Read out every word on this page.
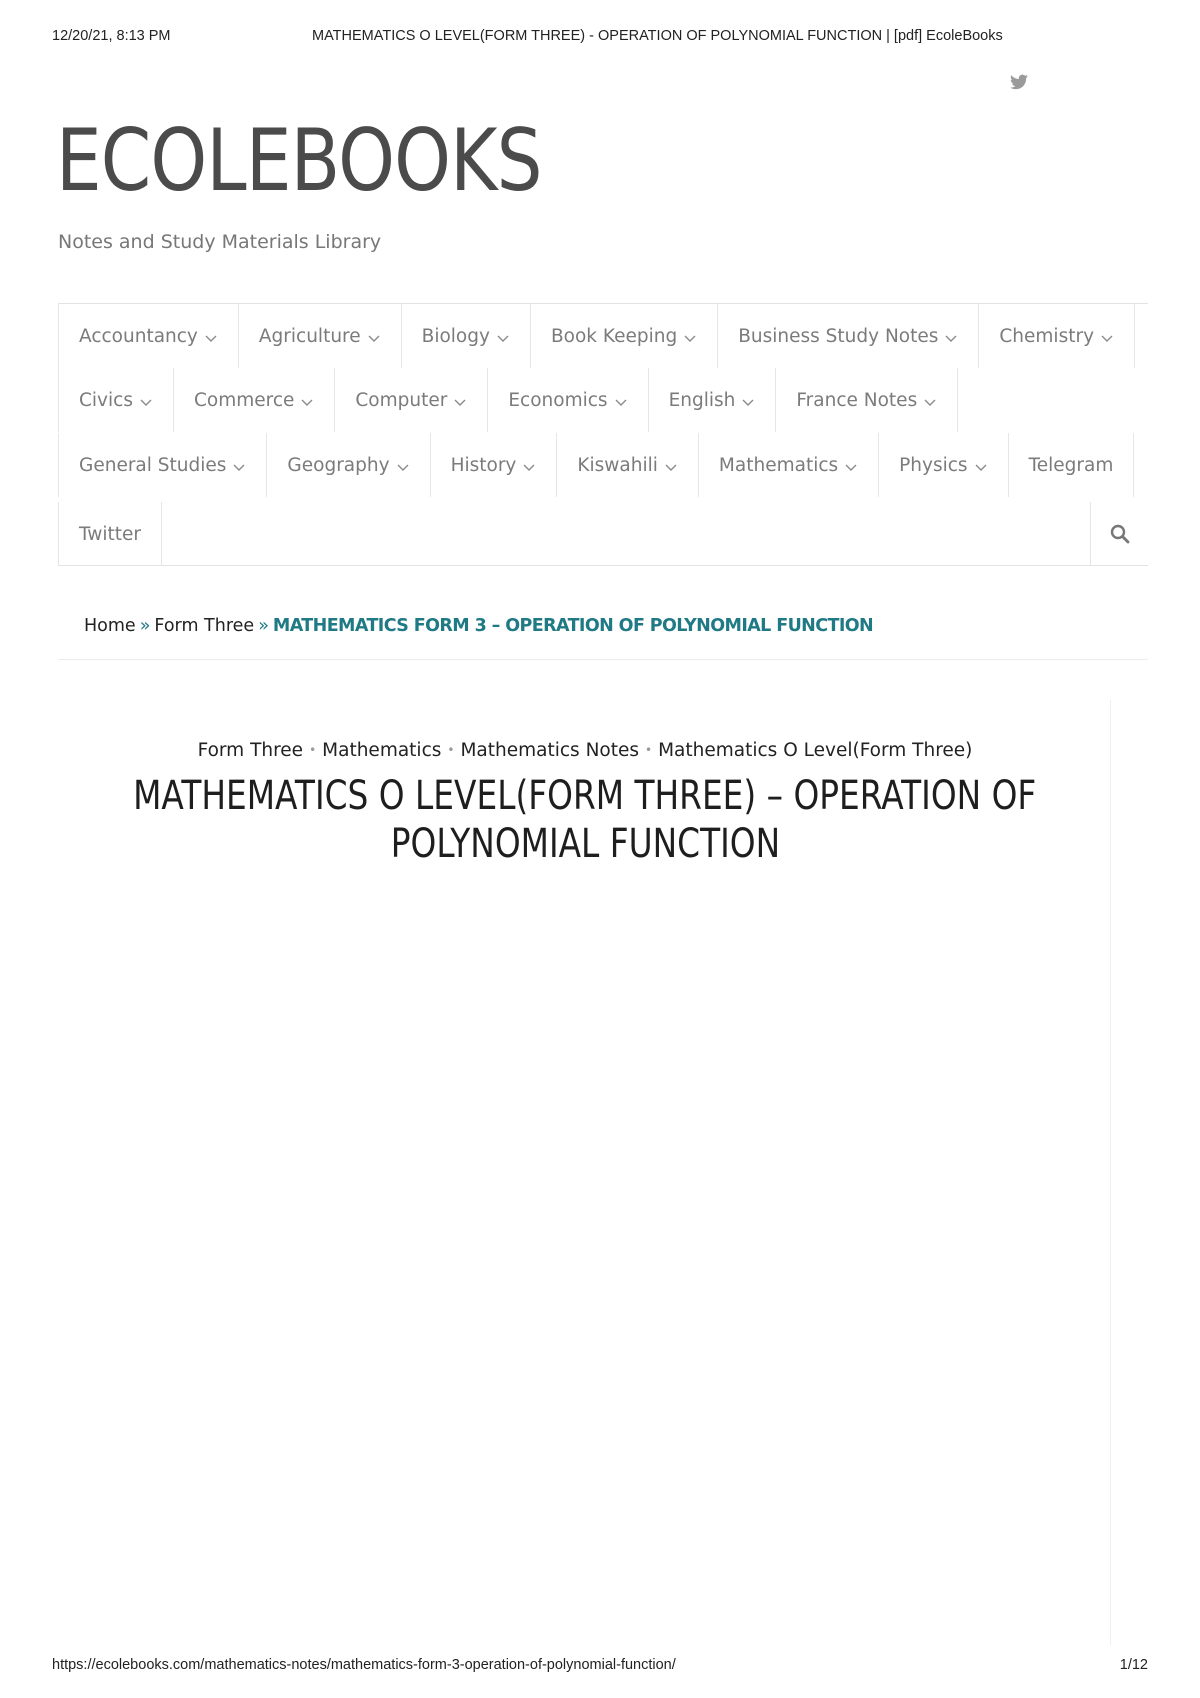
12/20/21, 8:13 PM	MATHEMATICS O LEVEL(FORM THREE) - OPERATION OF POLYNOMIAL FUNCTION | [pdf] EcoleBooks
ECOLEBOOKS
Notes and Study Materials Library
Accountancy	Agriculture	Biology	Book Keeping	Business Study Notes	Chemistry
Civics	Commerce	Computer	Economics	English	France Notes
General Studies	Geography	History	Kiswahili	Mathematics	Physics	Telegram
Twitter
Home » Form Three » MATHEMATICS FORM 3 – OPERATION OF POLYNOMIAL FUNCTION
Form Three • Mathematics • Mathematics Notes • Mathematics O Level(Form Three)
MATHEMATICS O LEVEL(FORM THREE) – OPERATION OF
POLYNOMIAL FUNCTION
https://ecolebooks.com/mathematics-notes/mathematics-form-3-operation-of-polynomial-function/	1/12
